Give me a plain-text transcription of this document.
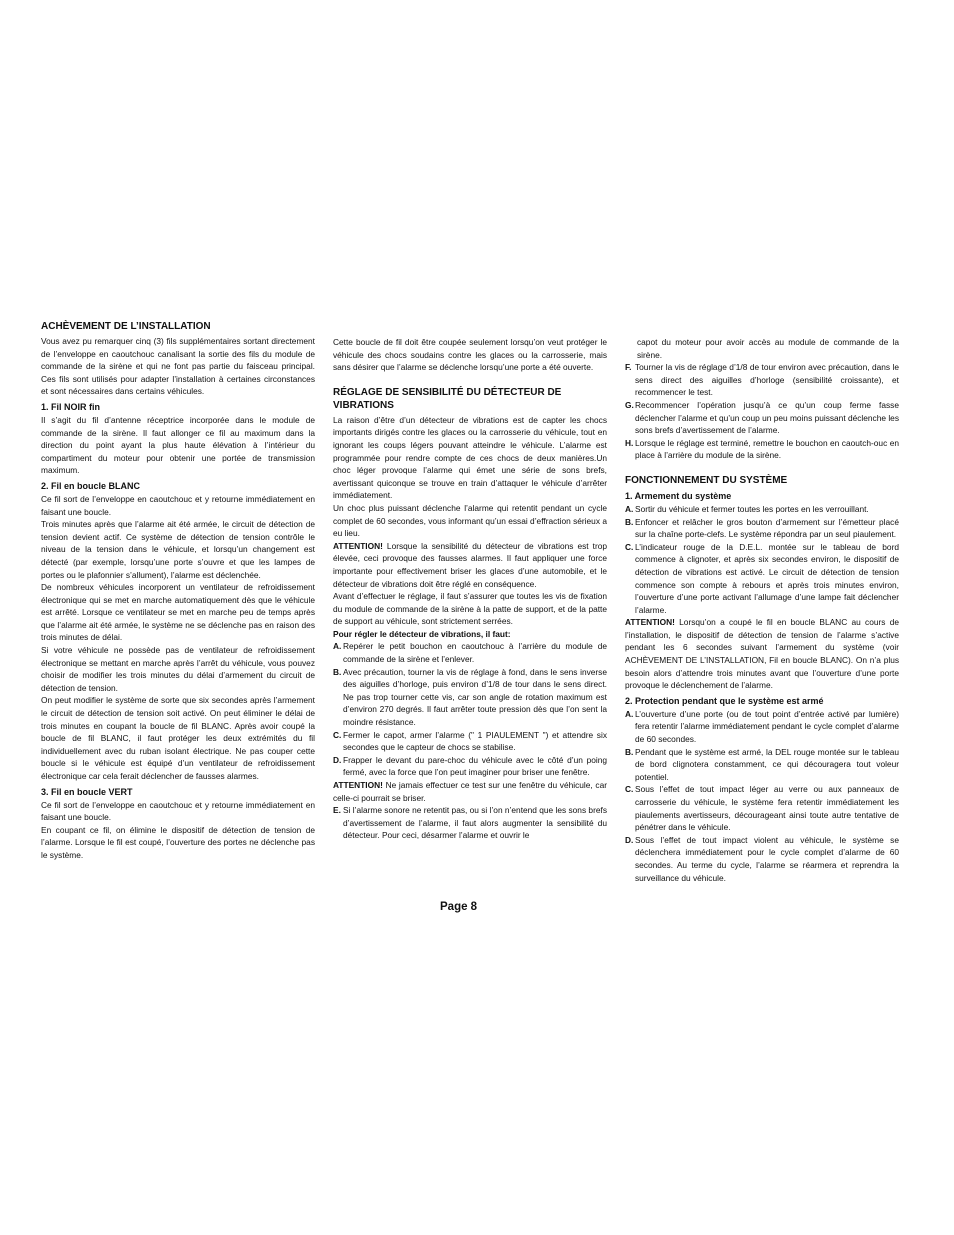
ACHÈVEMENT DE L’INSTALLATION

Vous avez pu remarquer cinq (3) fils supplémentaires sortant directement de l’enveloppe en caoutchouc canalisant la sortie des fils du module de commande de la sirène et qui ne font pas partie du faisceau principal. Ces fils sont utilisés pour adapter l’installation à certaines circonstances et sont nécessaires dans certains véhicules.

1. Fil NOIR fin

Il s’agit du fil d’antenne réceptrice incorporée dans le module de commande de la sirène. Il faut allonger ce fil au maximum dans la direction du point ayant la plus haute élévation à l’intérieur du compartiment du moteur pour obtenir une portée de transmission maximum.

2. Fil en boucle BLANC

Ce fil sort de l’enveloppe en caoutchouc et y retourne immédiatement en faisant une boucle.

Trois minutes après que l’alarme ait été armée, le circuit de détection de tension devient actif. Ce système de détection de tension contrôle le niveau de la tension dans le véhicule, et lorsqu’un changement est détecté (par exemple, lorsqu’une porte s’ouvre et que les lampes de portes ou le plafonnier s’allument), l’alarme est déclenchée.

De nombreux véhicules incorporent un ventilateur de refroidissement électronique qui se met en marche automatiquement dès que le véhicule est arrêté. Lorsque ce ventilateur se met en marche peu de temps après que l’alarme ait été armée, le système ne se déclenche pas en raison des trois minutes de délai.

Si votre véhicule ne possède pas de ventilateur de refroidissement électronique se mettant en marche après l’arrêt du véhicule, vous pouvez choisir de modifier les trois minutes du délai d’armement du circuit de détection de tension.

On peut modifier le système de sorte que six secondes après l’armement le circuit de détection de tension soit activé. On peut éliminer le délai de trois minutes en coupant la boucle de fil BLANC. Après avoir coupé la boucle de fil BLANC, il faut protéger les deux extrémités du fil individuellement avec du ruban isolant électrique. Ne pas couper cette boucle si le véhicule est équipé d’un ventilateur de refroidissement électronique car cela ferait déclencher de fausses alarmes.

3. Fil en boucle VERT

Ce fil sort de l’enveloppe en caoutchouc et y retourne immédiatement en faisant une boucle.

En coupant ce fil, on élimine le dispositif de détection de tension de l’alarme. Lorsque le fil est coupé, l’ouverture des portes ne déclenche pas le système.

Cette boucle de fil doit être coupée seulement lorsqu’on veut protéger le véhicule des chocs soudains contre les glaces ou la carrosserie, mais sans désirer que l’alarme se déclenche lorsqu’une porte a été ouverte.

RÉGLAGE DE SENSIBILITÉ DU DÉTECTEUR DE VIBRATIONS

La raison d’être d’un détecteur de vibrations est de capter les chocs importants dirigés contre les glaces ou la carrosserie du véhicule, tout en ignorant les coups légers pouvant atteindre le véhicule. L’alarme est programmée pour rendre compte de ces chocs de deux manières.Un choc léger provoque l’alarme qui émet une série de sons brefs, avertissant quiconque se trouve en train d’attaquer le véhicule d’arrêter immédiatement.

Un choc plus puissant déclenche l’alarme qui retentit pendant un cycle complet de 60 secondes, vous informant qu’un essai d’effraction sérieux a eu lieu.

ATTENTION! Lorsque la sensibilité du détecteur de vibrations est trop élevée, ceci provoque des fausses alarmes. Il faut appliquer une force importante pour effectivement briser les glaces d’une automobile, et le détecteur de vibrations doit être réglé en conséquence.

Avant d’effectuer le réglage, il faut s’assurer que toutes les vis de fixation du module de commande de la sirène à la patte de support, et de la patte de support au véhicule, sont strictement serrées.

Pour régler le détecteur de vibrations, il faut:

A. Repérer le petit bouchon en caoutchouc à l’arrière du module de commande de la sirène et l’enlever.
B. Avec précaution, tourner la vis de réglage à fond, dans le sens inverse des aiguilles d’horloge, puis environ d’1/8 de tour dans le sens direct. Ne pas trop tourner cette vis, car son angle de rotation maximum est d’environ 270 degrés. Il faut arrêter toute pression dès que l’on sent la moindre résistance.
C. Fermer le capot, armer l’alarme (" 1 PIAULEMENT ") et attendre six secondes que le capteur de chocs se stabilise.
D. Frapper le devant du pare-choc du véhicule avec le côté d’un poing fermé, avec la force que l’on peut imaginer pour briser une fenêtre.

ATTENTION! Ne jamais effectuer ce test sur une fenêtre du véhicule, car celle-ci pourrait se briser.

E. Si l’alarme sonore ne retentit pas, ou si l’on n’entend que les sons brefs d’avertissement de l’alarme, il faut alors augmenter la sensibilité du détecteur. Pour ceci, désarmer l’alarme et ouvrir le

capot du moteur pour avoir accès au module de commande de la sirène.

F. Tourner la vis de réglage d’1/8 de tour environ avec précaution, dans le sens direct des aiguilles d’horloge (sensibilité croissante), et recommencer le test.
G. Recommencer l’opération jusqu’à ce qu’un coup ferme fasse déclencher l’alarme et qu’un coup un peu moins puissant déclenche les sons brefs d’avertissement de l’alarme.
H. Lorsque le réglage est terminé, remettre le bouchon en caoutch-ouc en place à l’arrière du module de la sirène.
FONCTIONNEMENT DU SYSTÈME
1. Armement du système
A. Sortir du véhicule et fermer toutes les portes en les verrouillant.
B. Enfoncer et relâcher le gros bouton d’armement sur l’émetteur placé sur la chaîne porte-clefs. Le système répondra par un seul piaulement.
C. L’indicateur rouge de la D.E.L. montée sur le tableau de bord commence à clignoter, et après six secondes environ, le dispositif de détection de vibrations est activé. Le circuit de détection de tension commence son compte à rebours et après trois minutes environ, l’ouverture d’une porte activant l’allumage d’une lampe fait déclencher l’alarme.

ATTENTION! Lorsqu’on a coupé le fil en boucle BLANC au cours de l’installation, le dispositif de détection de tension de l’alarme s’active pendant les 6 secondes suivant l’armement du système (voir ACHÈVEMENT DE L’INSTALLATION, Fil en boucle BLANC). On n’a plus besoin alors d’attendre trois minutes avant que l’ouverture d’une porte provoque le déclenchement de l’alarme.

2. Protection pendant que le système est armé
A. L’ouverture d’une porte (ou de tout point d’entrée activé par lumière) fera retentir l’alarme immédiatement pendant le cycle complet d’alarme de 60 secondes.
B. Pendant que le système est armé, la DEL rouge montée sur le tableau de bord clignotera constamment, ce qui découragera tout voleur potentiel.
C. Sous l’effet de tout impact léger au verre ou aux panneaux de carrosserie du véhicule, le système fera retentir immédiatement les piaulements avertisseurs, décourageant ainsi toute autre tentative de pénétrer dans le véhicule.
D. Sous l’effet de tout impact violent au véhicule, le système se déclenchera immédiatement pour le cycle complet d’alarme de 60 secondes. Au terme du cycle, l’alarme se réarmera et reprendra la surveillance du véhicule.
Page 8
